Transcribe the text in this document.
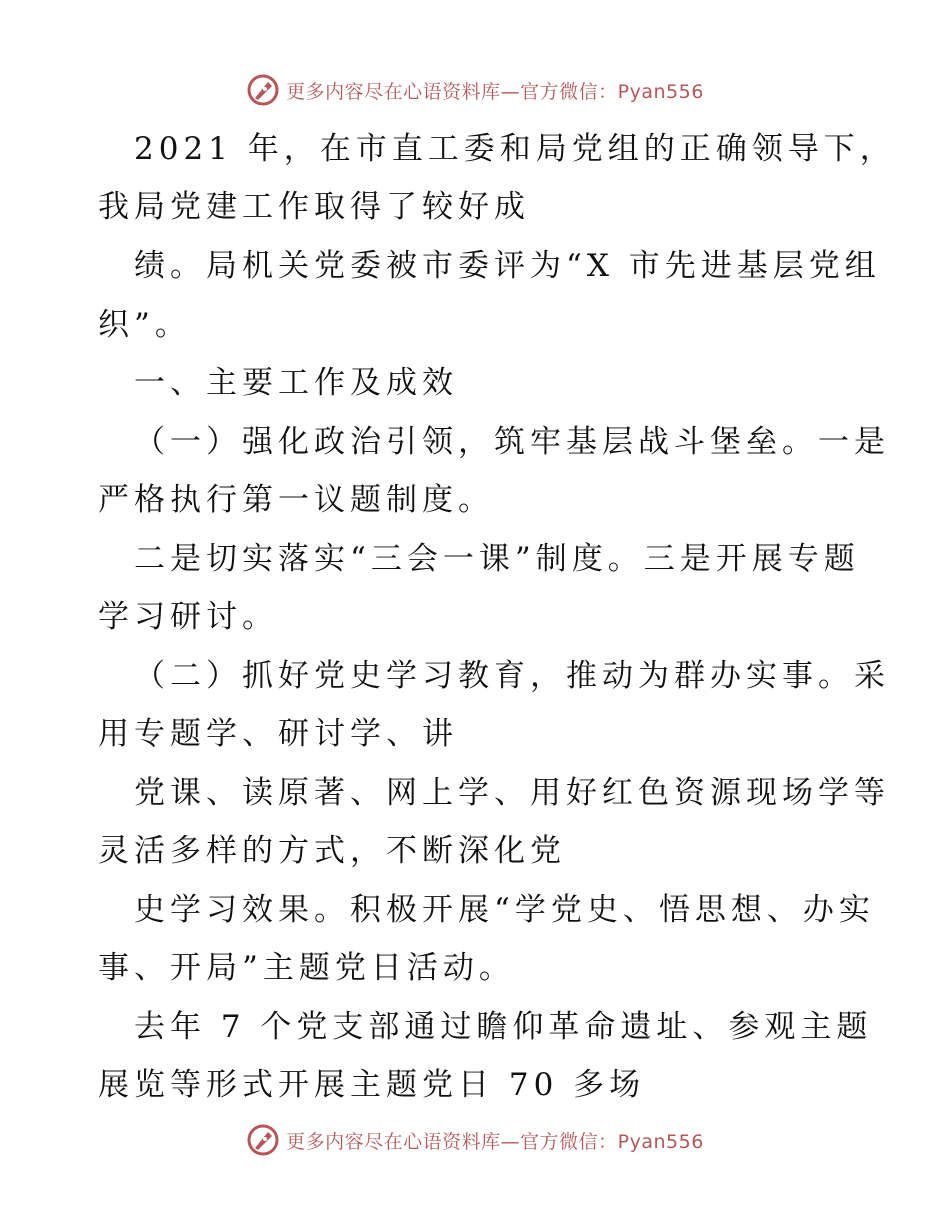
更多内容尽在心语资料库—官方微信：Pyan556
2021 年，在市直工委和局党组的正确领导下，
我局党建工作取得了较好成
绩。局机关党委被市委评为“X 市先进基层党组
织”。
一、主要工作及成效
（一）强化政治引领，筑牢基层战斗堡垒。一是
严格执行第一议题制度。
二是切实落实“三会一课”制度。三是开展专题
学习研讨。
（二）抓好党史学习教育，推动为群办实事。采
用专题学、研讨学、讲
党课、读原著、网上学、用好红色资源现场学等
灵活多样的方式，不断深化党
史学习效果。积极开展“学党史、悟思想、办实
事、开局”主题党日活动。
去年 7 个党支部通过瞻仰革命遗址、参观主题
展览等形式开展主题党日 70 多场
更多内容尽在心语资料库—官方微信：Pyan556
